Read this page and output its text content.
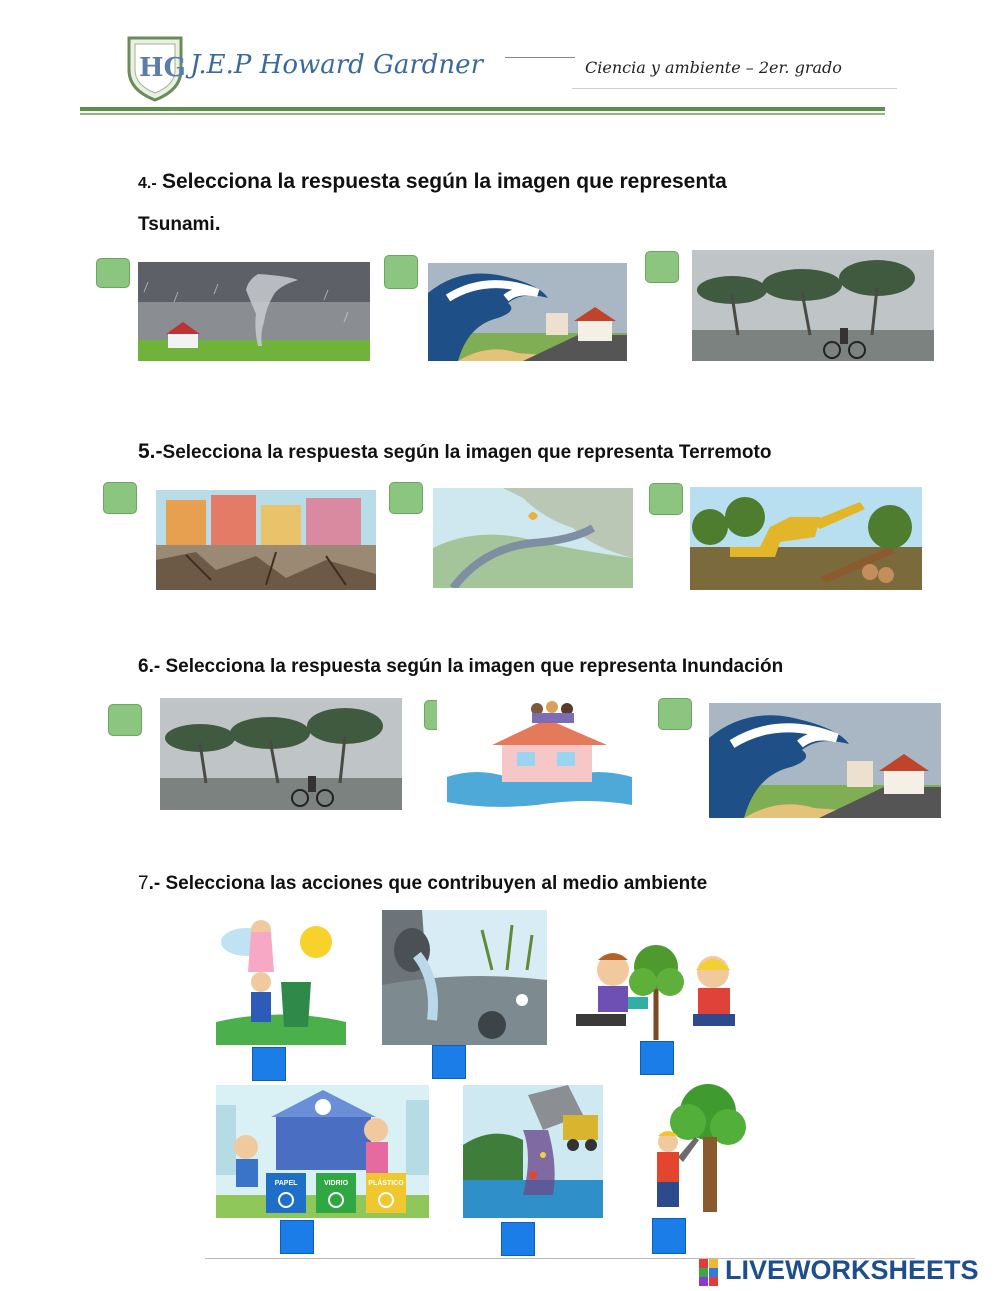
HG J.E.P Howard Gardner	Ciencia y ambiente – 2er. grado
4.- Selecciona la respuesta según la imagen que representa
Tsunami.
5.-Selecciona la respuesta según la imagen que representa Terremoto
6.- Selecciona la respuesta según la imagen que representa Inundación
7.- Selecciona las acciones que contribuyen al medio ambiente
PAPEL	VIDRIO	PLÁSTICO
LIVEWORKSHEETS
